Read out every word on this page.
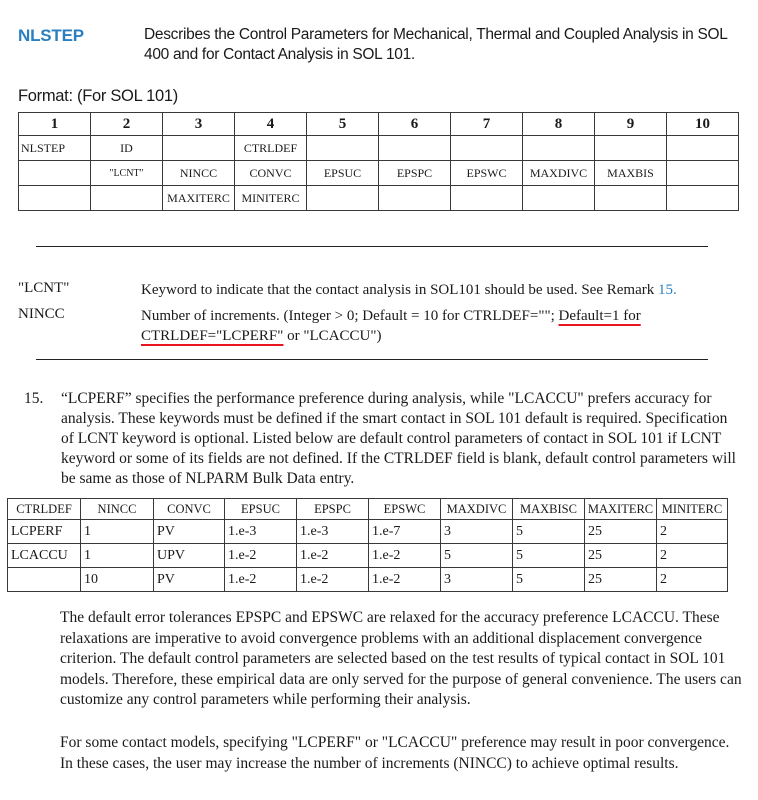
NLSTEP	Describes the Control Parameters for Mechanical, Thermal and Coupled Analysis in SOL 400 and for Contact Analysis in SOL 101.
Format: (For SOL 101)
1	2	3	4	5	6	7	8	9	10
NLSTEP	ID		CTRLDEF						
	"LCNT"	NINCC	CONVC	EPSUC	EPSPC	EPSWC	MAXDIVC	MAXBIS	
		MAXITERC	MINITERC						
"LCNT"	Keyword to indicate that the contact analysis in SOL101 should be used. See Remark 15.
NINCC	Number of increments. (Integer > 0; Default = 10 for CTRLDEF=""; Default=1 for
CTRLDEF="LCPERF" or "LCACCU")
15. “LCPERF” specifies the performance preference during analysis, while "LCACCU" prefers accuracy for analysis. These keywords must be defined if the smart contact in SOL 101 default is required. Specification of LCNT keyword is optional. Listed below are default control parameters of contact in SOL 101 if LCNT keyword or some of its fields are not defined. If the CTRLDEF field is blank, default control parameters will be same as those of NLPARM Bulk Data entry.
CTRLDEF	NINCC	CONVC	EPSUC	EPSPC	EPSWC	MAXDIVC	MAXBISC	MAXITERC	MINITERC
LCPERF	1	PV	1.e-3	1.e-3	1.e-7	3	5	25	2
LCACCU	1	UPV	1.e-2	1.e-2	1.e-2	5	5	25	2
	10	PV	1.e-2	1.e-2	1.e-2	3	5	25	2
The default error tolerances EPSPC and EPSWC are relaxed for the accuracy preference LCACCU. These relaxations are imperative to avoid convergence problems with an additional displacement convergence criterion. The default control parameters are selected based on the test results of typical contact in SOL 101 models. Therefore, these empirical data are only served for the purpose of general convenience. The users can customize any control parameters while performing their analysis.
For some contact models, specifying "LCPERF" or "LCACCU" preference may result in poor convergence. In these cases, the user may increase the number of increments (NINCC) to achieve optimal results.
